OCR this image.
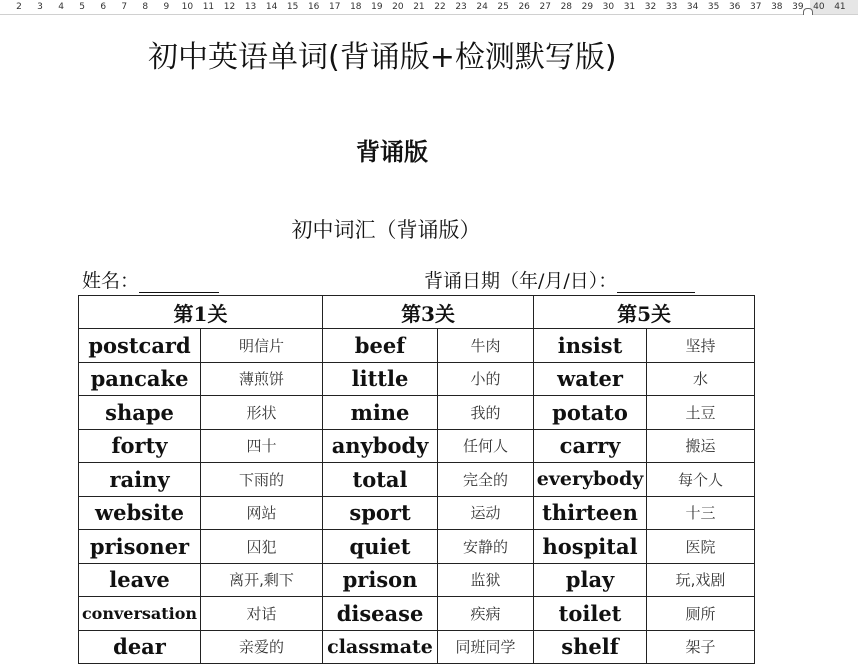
2 3 4 5 6 7 8 9 10 11 12 13 14 15 16 17 18 19 20 21 22 23 24 25 26 27 28 29 30 31 32 33 34 35 36 37 38 39 40 41
初中英语单词(背诵版+检测默写版)
背诵版
初中词汇（背诵版）
姓名：	背诵日期（年/月/日）：
第1关		第3关		第5关	
postcard	明信片	beef	牛肉	insist	坚持
pancake	薄煎饼	little	小的	water	水
shape	形状	mine	我的	potato	土豆
forty	四十	anybody	任何人	carry	搬运
rainy	下雨的	total	完全的	everybody	每个人
website	网站	sport	运动	thirteen	十三
prisoner	囚犯	quiet	安静的	hospital	医院
leave	离开,剩下	prison	监狱	play	玩,戏剧
conversation	对话	disease	疾病	toilet	厕所
dear	亲爱的	classmate	同班同学	shelf	架子
